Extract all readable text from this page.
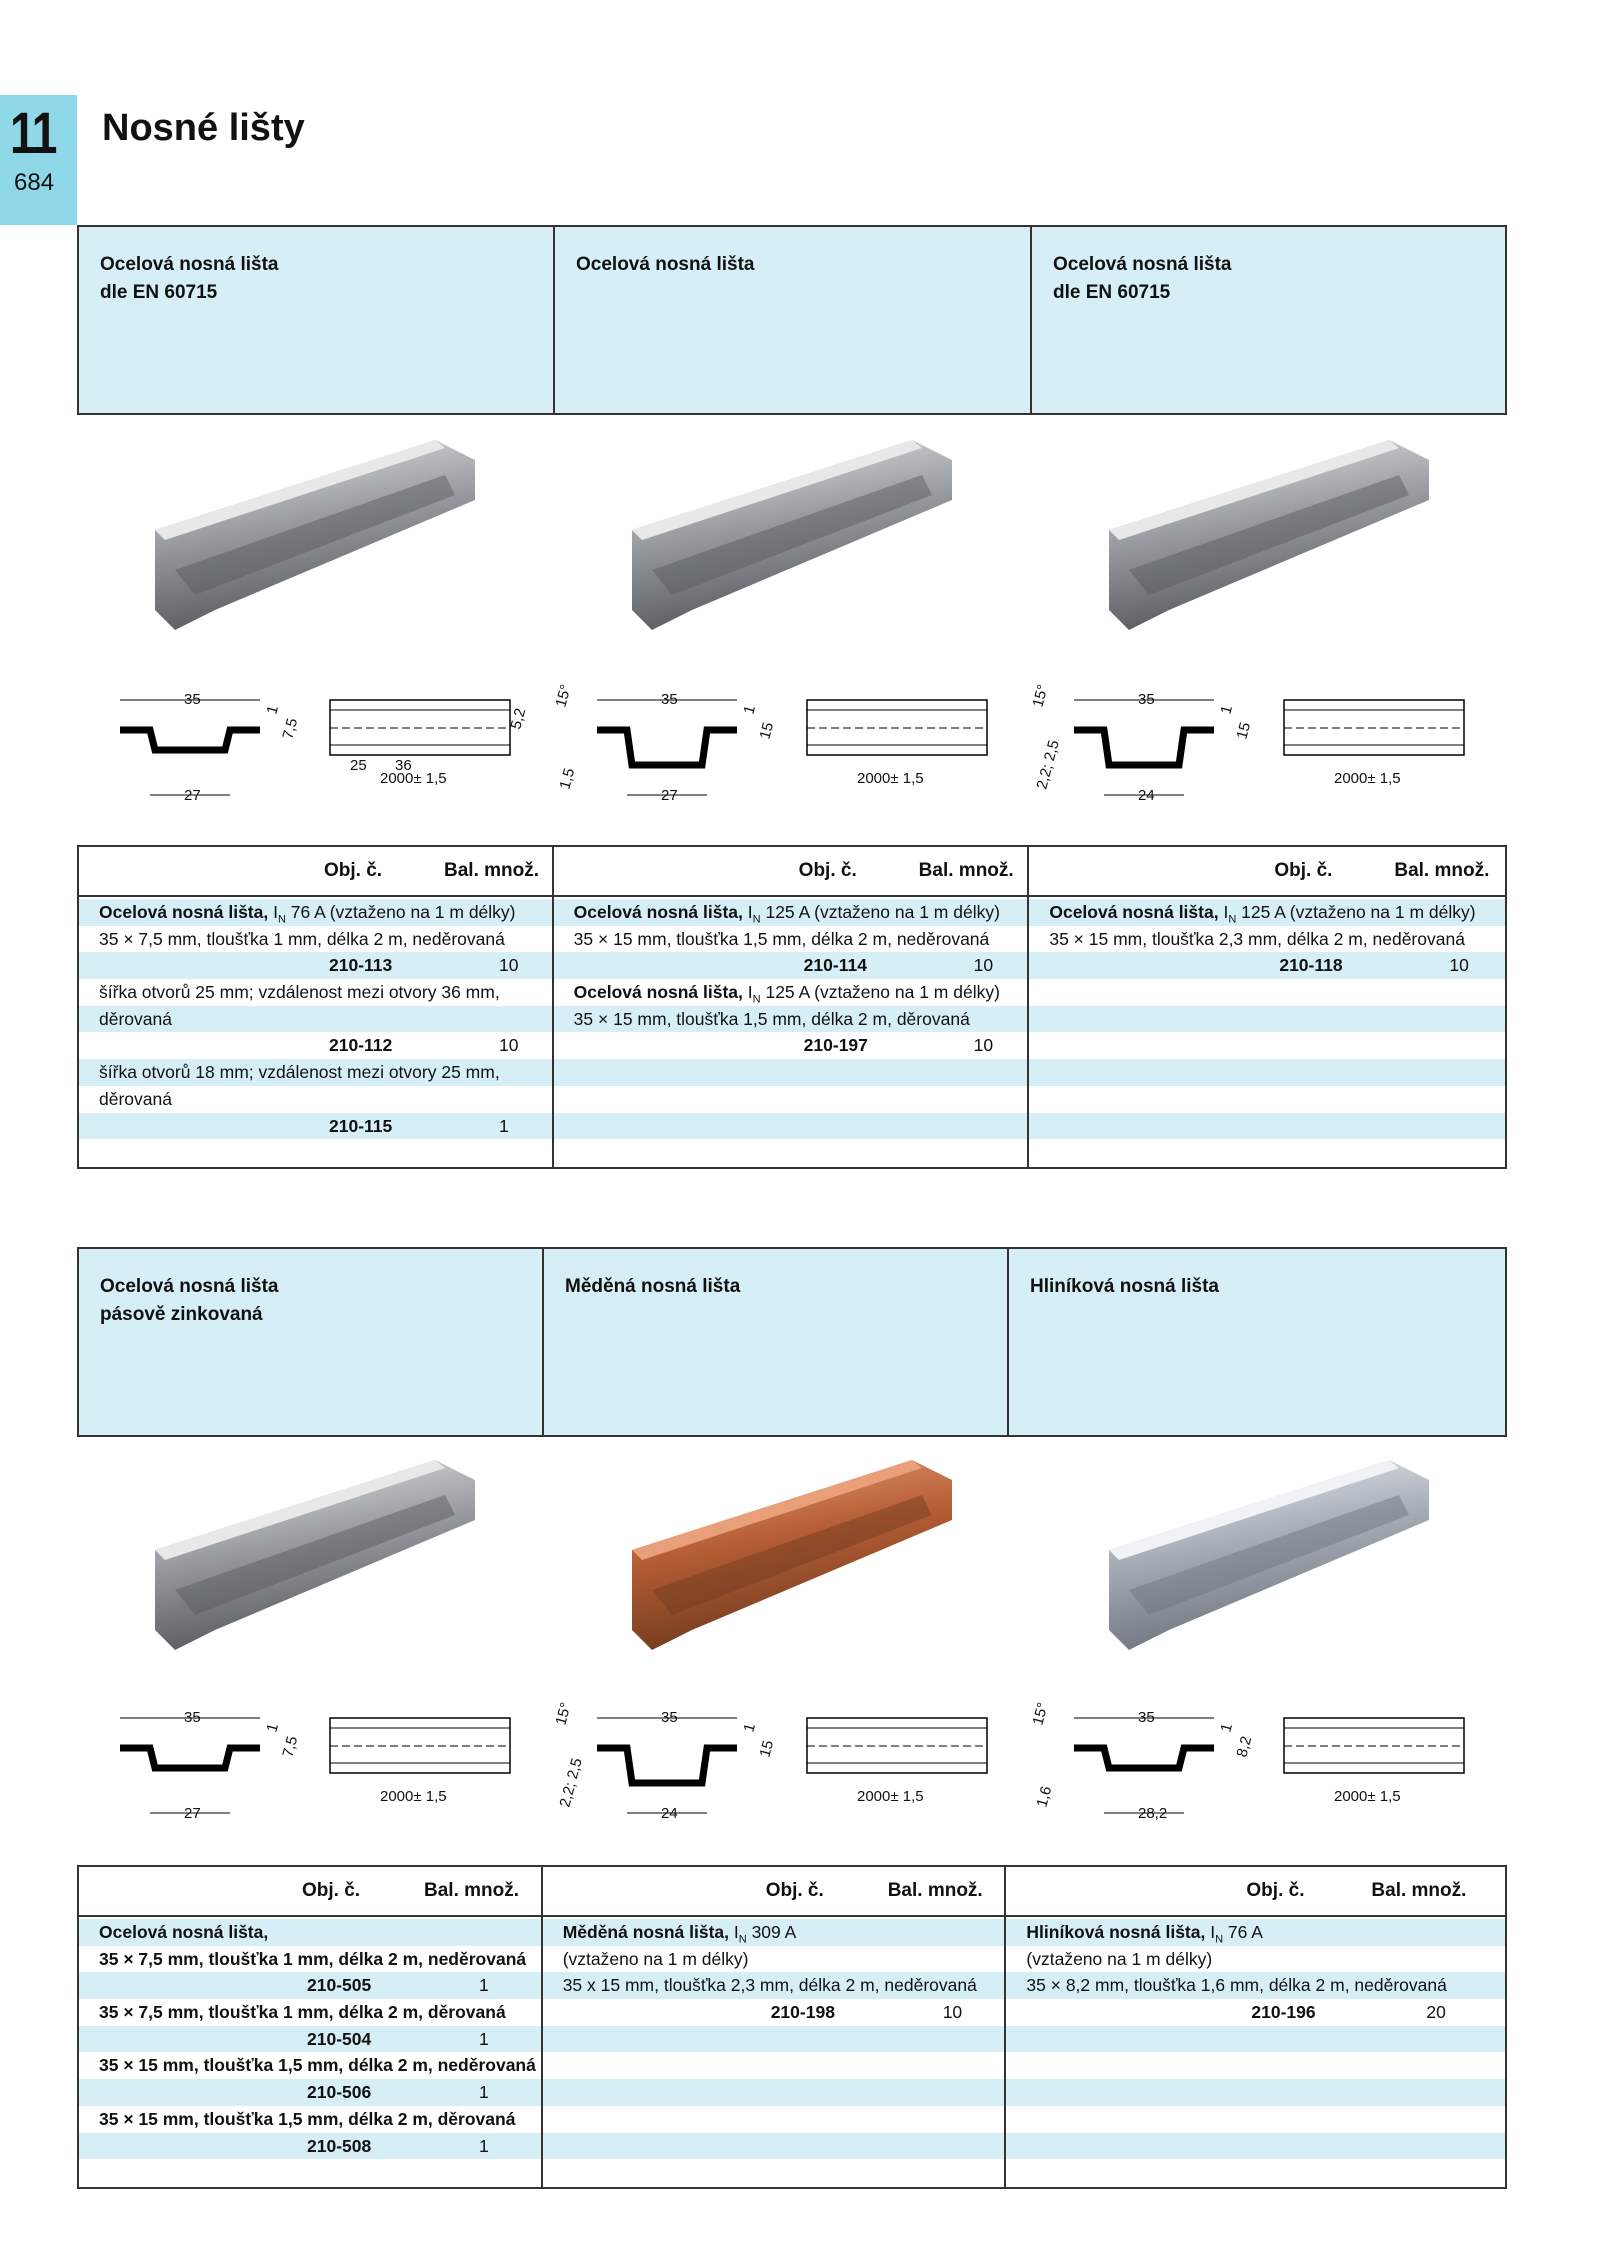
11
684
Nosné lišty
Ocelová nosná lišta
dle EN 60715
Ocelová nosná lišta	Ocelová nosná lišta
dle EN 60715
35
27
1
7,5
25 36
2000± 1,5
5,2
15°	35
27
1,5
1
15
2000± 1,5
15°	35
24
2,2; 2,5
1
15
2000± 1,5
Obj. č.	Bal. množ.
Ocelová nosná lišta, $I_N$ 76 A (vztaženo na 1 m délky)
35 × 7,5 mm, tloušťka 1 mm, délka 2 m, neděrovaná
210-113	10
šířka otvorů 25 mm; vzdálenost mezi otvory 36 mm,
děrovaná
210-112	10
šířka otvorů 18 mm; vzdálenost mezi otvory 25 mm,
děrovaná
210-115	1
Obj. č.	Bal. množ.
Ocelová nosná lišta, $I_N$ 125 A (vztaženo na 1 m délky)
35 × 15 mm, tloušťka 1,5 mm, délka 2 m, neděrovaná
210-114	10
Ocelová nosná lišta, $I_N$ 125 A (vztaženo na 1 m délky)
35 × 15 mm, tloušťka 1,5 mm, délka 2 m, děrovaná
210-197	10
Obj. č.	Bal. množ.
Ocelová nosná lišta, $I_N$ 125 A (vztaženo na 1 m délky)
35 × 15 mm, tloušťka 2,3 mm, délka 2 m, neděrovaná
210-118	10
Ocelová nosná lišta
pásově zinkovaná
Měděná nosná lišta	Hliníková nosná lišta
35
27
1
7,5
2000± 1,5
15°	35
24
2,2; 2,5
1
15
2000± 1,5
15°	35
28,2
1,6
1
8,2
2000± 1,5
Obj. č.	Bal. množ.
Ocelová nosná lišta,
35 × 7,5 mm, tloušťka 1 mm, délka 2 m, neděrovaná
210-505	1
35 × 7,5 mm, tloušťka 1 mm, délka 2 m, děrovaná
210-504	1
35 × 15 mm, tloušťka 1,5 mm, délka 2 m, neděrovaná
210-506	1
35 × 15 mm, tloušťka 1,5 mm, délka 2 m, děrovaná
210-508	1
Obj. č.	Bal. množ.
Měděná nosná lišta, $I_N$ 309 A
(vztaženo na 1 m délky)
35 x 15 mm, tloušťka 2,3 mm, délka 2 m, neděrovaná
210-198	10
Obj. č.	Bal. množ.
Hliníková nosná lišta, $I_N$ 76 A
(vztaženo na 1 m délky)
35 × 8,2 mm, tloušťka 1,6 mm, délka 2 m, neděrovaná
210-196	20
